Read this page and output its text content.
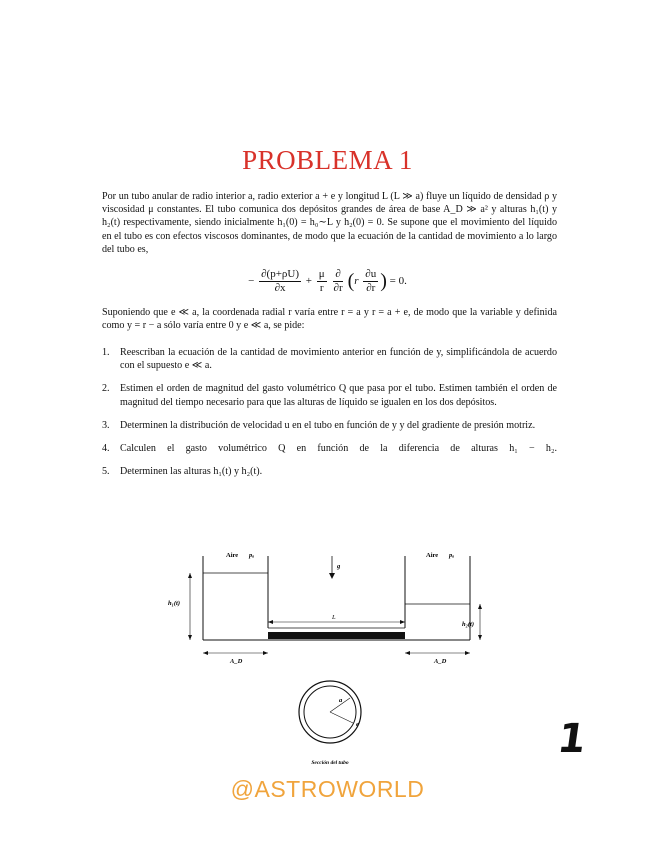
PROBLEMA 1
Por un tubo anular de radio interior a, radio exterior a + e y longitud L (L ≫ a) fluye un líquido de densidad ρ y viscosidad μ constantes. El tubo comunica dos depósitos grandes de área de base A_D ≫ a² y alturas h₁(t) y h₂(t) respectivamente, siendo inicialmente h₁(0) = h₀∼L y h₂(0) = 0. Se supone que el movimiento del líquido en el tubo es con efectos viscosos dominantes, de modo que la ecuación de la cantidad de movimiento a lo largo del tubo es,
− $\frac{\partial(p+\rho U)}{\partial x} + \frac{\mu}{r}$
$\frac{\partial}{\partial r} (r \frac{\partial u}{\partial r}$ ) = 0.
Suponiendo que e ≪ a, la coordenada radial r varía entre r = a y r = a + e, de modo que la variable y definida como y = r − a sólo varía entre 0 y e ≪ a, se pide:
1. Reescriban la ecuación de la cantidad de movimiento anterior en función de y, simplificándola de acuerdo con el supuesto e ≪ a.
2. Estimen el orden de magnitud del gasto volumétrico Q que pasa por el tubo. Estimen también el orden de magnitud del tiempo necesario para que las alturas de líquido se igualen en los dos depósitos.
3. Determinen la distribución de velocidad u en el tubo en función de y y del gradiente de presión motriz.
4. Calculen el gasto volumétrico Q en función de la diferencia de alturas h₁ − h₂.
5. Determinen las alturas h₁(t) y h₂(t).
Aire pₐ	Aire pₐ
g
L
h₁(t)
h₂(t)
A_D	A_D
a
e
Sección del tubo
1
@ASTROWORLD
